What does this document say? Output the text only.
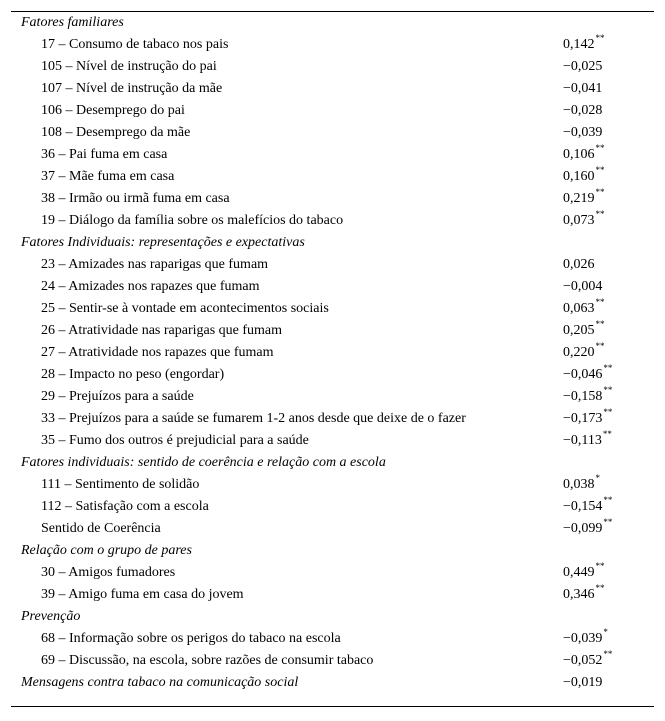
Fatores familiares
17 – Consumo de tabaco nos pais	0,142**
105 – Nível de instrução do pai	−0,025
107 – Nível de instrução da mãe	−0,041
106 – Desemprego do pai	−0,028
108 – Desemprego da mãe	−0,039
36 – Pai fuma em casa	0,106**
37 – Mãe fuma em casa	0,160**
38 – Irmão ou irmã fuma em casa	0,219**
19 – Diálogo da família sobre os malefícios do tabaco	0,073**
Fatores Individuais: representações e expectativas
23 – Amizades nas raparigas que fumam	0,026
24 – Amizades nos rapazes que fumam	−0,004
25 – Sentir-se à vontade em acontecimentos sociais	0,063**
26 – Atratividade nas raparigas que fumam	0,205**
27 – Atratividade nos rapazes que fumam	0,220**
28 – Impacto no peso (engordar)	−0,046**
29 – Prejuízos para a saúde	−0,158**
33 – Prejuízos para a saúde se fumarem 1-2 anos desde que deixe de o fazer	−0,173**
35 – Fumo dos outros é prejudicial para a saúde	−0,113**
Fatores individuais: sentido de coerência e relação com a escola
111 – Sentimento de solidão	0,038*
112 – Satisfação com a escola	−0,154**
Sentido de Coerência	−0,099**
Relação com o grupo de pares
30 – Amigos fumadores	0,449**
39 – Amigo fuma em casa do jovem	0,346**
Prevenção
68 – Informação sobre os perigos do tabaco na escola	−0,039*
69 – Discussão, na escola, sobre razões de consumir tabaco	−0,052**
Mensagens contra tabaco na comunicação social	−0,019
